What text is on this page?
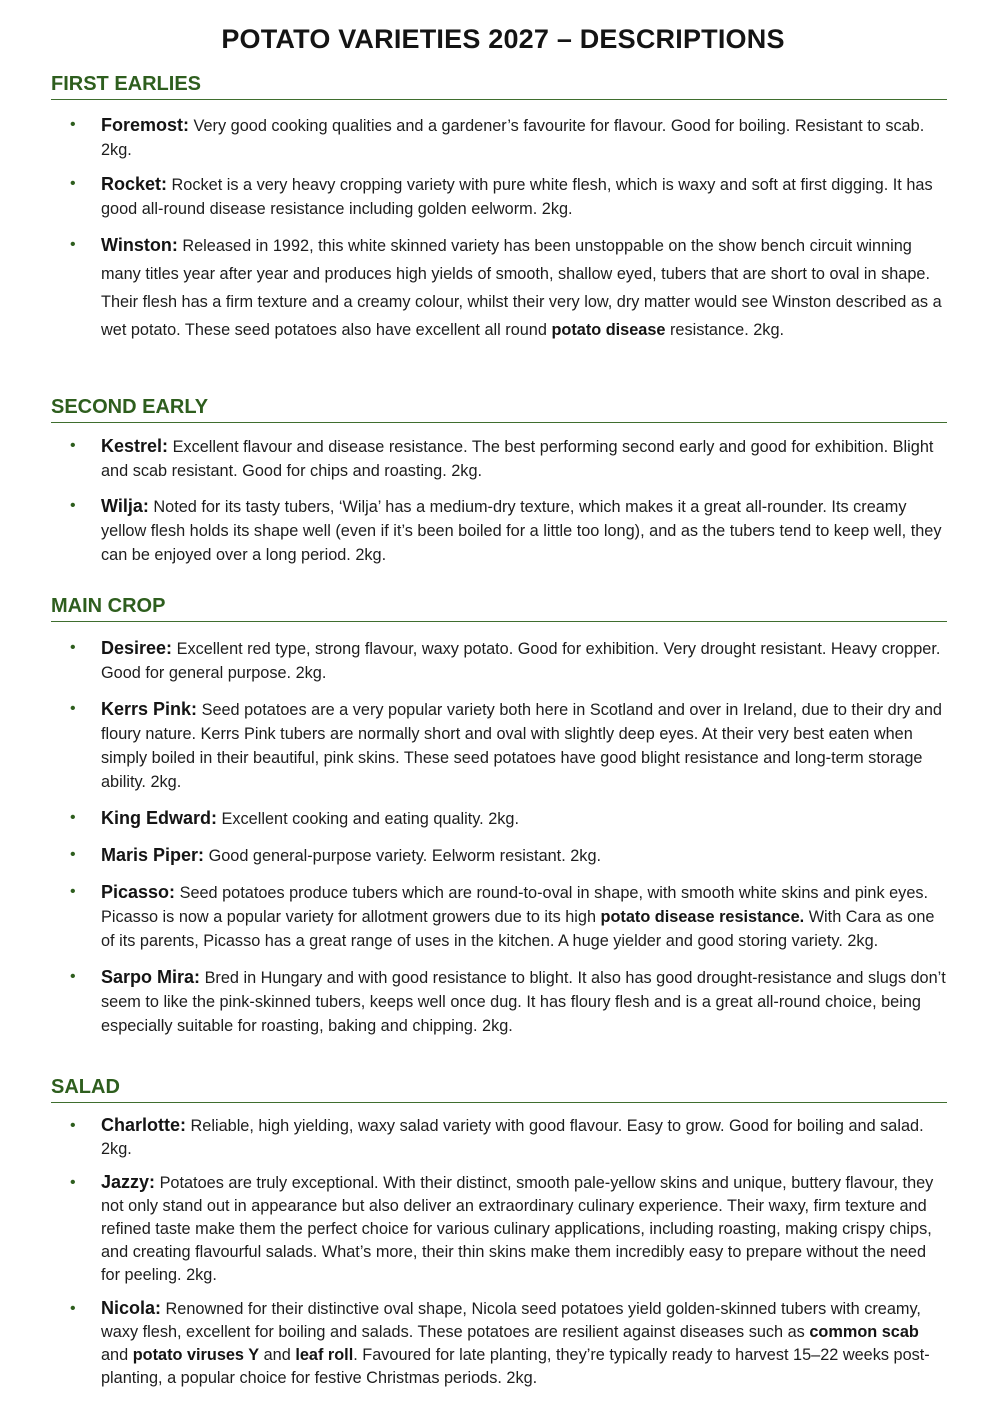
POTATO VARIETIES 2027 – DESCRIPTIONS
FIRST EARLIES
• Foremost: Very good cooking qualities and a gardener’s favourite for flavour. Good for boiling. Resistant to scab. 2kg.
• Rocket: Rocket is a very heavy cropping variety with pure white flesh, which is waxy and soft at first digging. It has good all-round disease resistance including golden eelworm. 2kg.
• Winston: Released in 1992, this white skinned variety has been unstoppable on the show bench circuit winning many titles year after year and produces high yields of smooth, shallow eyed, tubers that are short to oval in shape. Their flesh has a firm texture and a creamy colour, whilst their very low, dry matter would see Winston described as a wet potato. These seed potatoes also have excellent all round potato disease resistance. 2kg.
SECOND EARLY
• Kestrel: Excellent flavour and disease resistance. The best performing second early and good for exhibition. Blight and scab resistant. Good for chips and roasting. 2kg.
• Wilja: Noted for its tasty tubers, ‘Wilja’ has a medium-dry texture, which makes it a great all-rounder. Its creamy yellow flesh holds its shape well (even if it’s been boiled for a little too long), and as the tubers tend to keep well, they can be enjoyed over a long period. 2kg.
MAIN CROP
• Desiree: Excellent red type, strong flavour, waxy potato. Good for exhibition. Very drought resistant. Heavy cropper. Good for general purpose. 2kg.
• Kerrs Pink: Seed potatoes are a very popular variety both here in Scotland and over in Ireland, due to their dry and floury nature. Kerrs Pink tubers are normally short and oval with slightly deep eyes. At their very best eaten when simply boiled in their beautiful, pink skins. These seed potatoes have good blight resistance and long-term storage ability. 2kg.
• King Edward: Excellent cooking and eating quality. 2kg.
• Maris Piper: Good general-purpose variety. Eelworm resistant. 2kg.
• Picasso: Seed potatoes produce tubers which are round-to-oval in shape, with smooth white skins and pink eyes. Picasso is now a popular variety for allotment growers due to its high potato disease resistance. With Cara as one of its parents, Picasso has a great range of uses in the kitchen. A huge yielder and good storing variety. 2kg.
• Sarpo Mira: Bred in Hungary and with good resistance to blight. It also has good drought-resistance and slugs don’t seem to like the pink-skinned tubers, keeps well once dug. It has floury flesh and is a great all-round choice, being especially suitable for roasting, baking and chipping. 2kg.
SALAD
• Charlotte: Reliable, high yielding, waxy salad variety with good flavour. Easy to grow. Good for boiling and salad. 2kg.
• Jazzy: Potatoes are truly exceptional. With their distinct, smooth pale-yellow skins and unique, buttery flavour, they not only stand out in appearance but also deliver an extraordinary culinary experience. Their waxy, firm texture and refined taste make them the perfect choice for various culinary applications, including roasting, making crispy chips, and creating flavourful salads. What’s more, their thin skins make them incredibly easy to prepare without the need for peeling. 2kg.
• Nicola: Renowned for their distinctive oval shape, Nicola seed potatoes yield golden-skinned tubers with creamy, waxy flesh, excellent for boiling and salads. These potatoes are resilient against diseases such as common scab and potato viruses Y and leaf roll. Favoured for late planting, they’re typically ready to harvest 15–22 weeks post-planting, a popular choice for festive Christmas periods. 2kg.
